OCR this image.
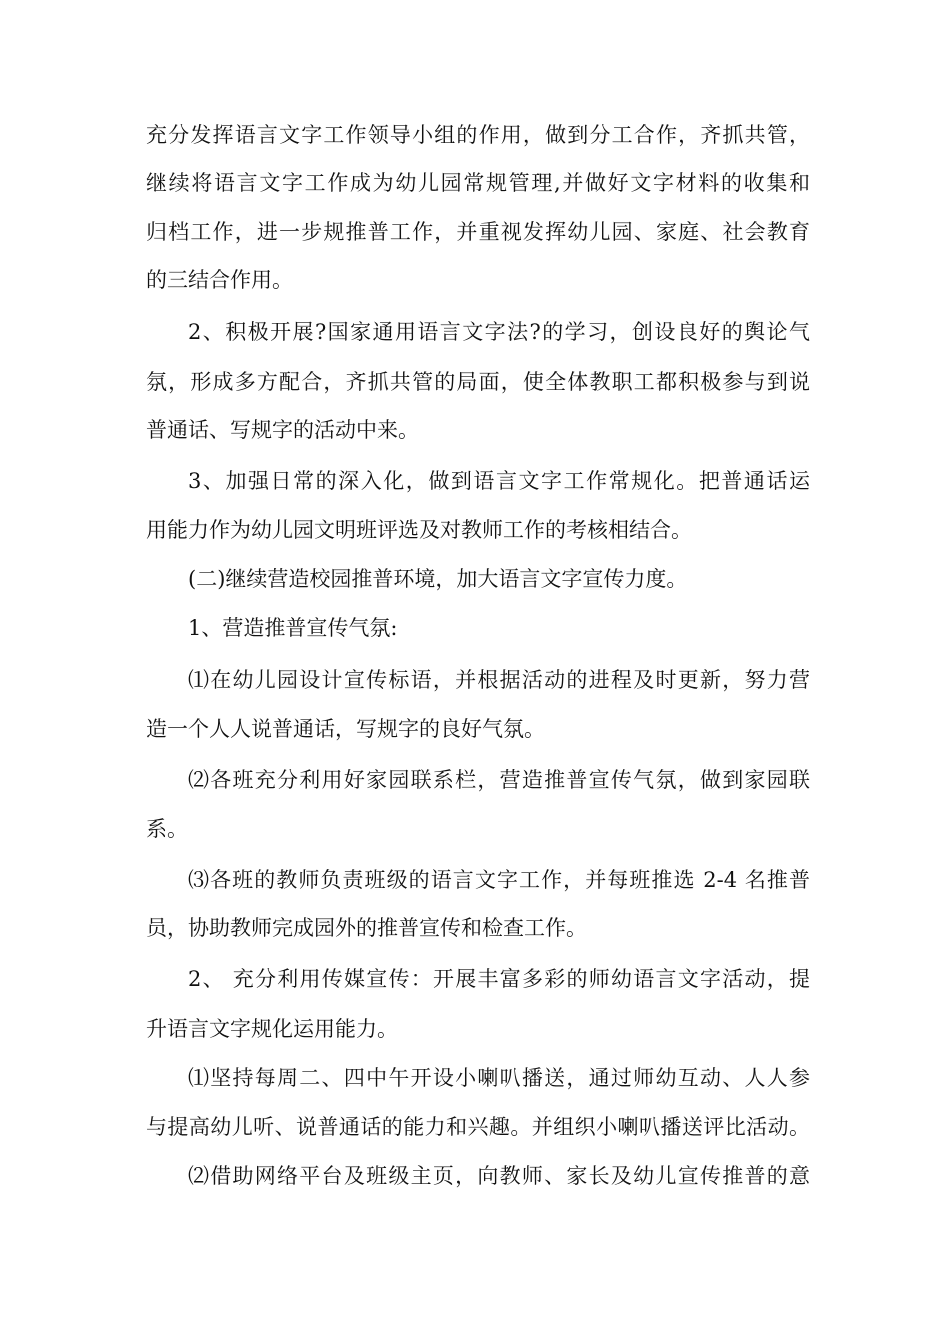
充分发挥语言文字工作领导小组的作用，做到分工合作，齐抓共管，
继续将语言文字工作成为幼儿园常规管理,并做好文字材料的收集和
归档工作，进一步规推普工作，并重视发挥幼儿园、家庭、社会教育
的三结合作用。
2、积极开展?国家通用语言文字法?的学习，创设良好的舆论气
氛，形成多方配合，齐抓共管的局面，使全体教职工都积极参与到说
普通话、写规字的活动中来。
3、加强日常的深入化，做到语言文字工作常规化。把普通话运
用能力作为幼儿园文明班评选及对教师工作的考核相结合。
(二)继续营造校园推普环境，加大语言文字宣传力度。
1、营造推普宣传气氛:
⑴在幼儿园设计宣传标语，并根据活动的进程及时更新，努力营
造一个人人说普通话，写规字的良好气氛。
⑵各班充分利用好家园联系栏，营造推普宣传气氛，做到家园联
系。
⑶各班的教师负责班级的语言文字工作，并每班推选 2-4 名推普
员，协助教师完成园外的推普宣传和检查工作。
2、 充分利用传媒宣传：开展丰富多彩的师幼语言文字活动，提
升语言文字规化运用能力。
⑴坚持每周二、四中午开设小喇叭播送，通过师幼互动、人人参
与提高幼儿听、说普通话的能力和兴趣。并组织小喇叭播送评比活动。
⑵借助网络平台及班级主页，向教师、家长及幼儿宣传推普的意
